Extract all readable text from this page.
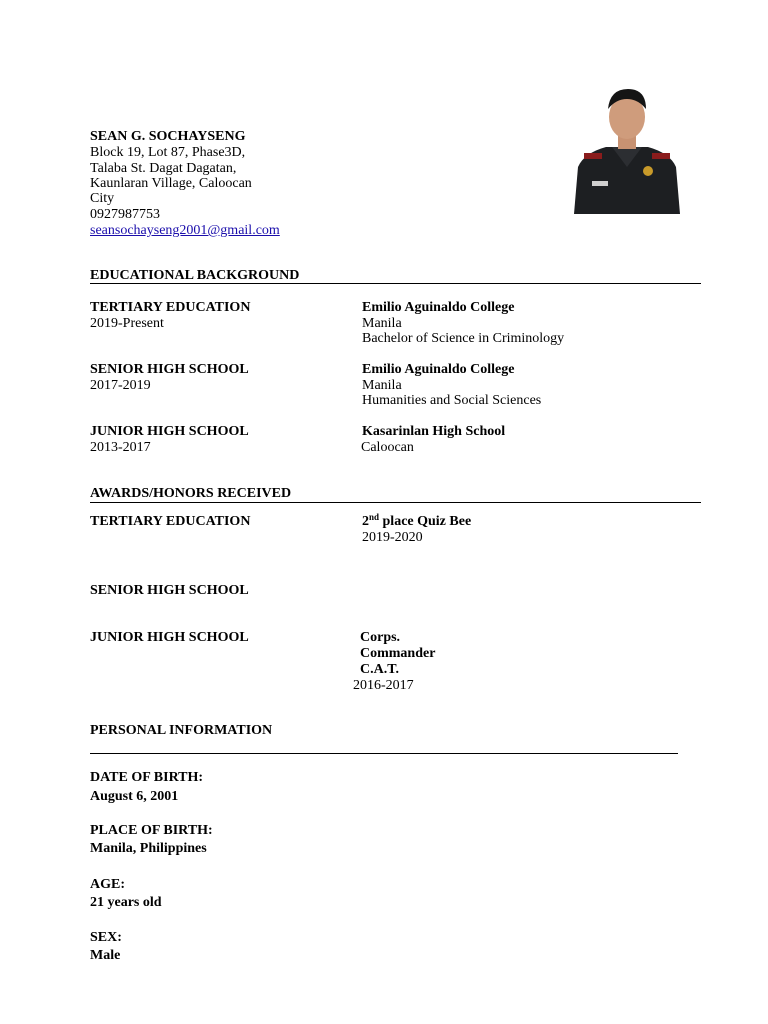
SEAN G. SOCHAYSENG
Block 19, Lot 87, Phase3D,
Talaba St. Dagat Dagatan,
Kaunlaran Village, Caloocan
City
0927987753
seansochayseng2001@gmail.com
EDUCATIONAL BACKGROUND
TERTIARY EDUCATION
2019-Present
Emilio Aguinaldo College
Manila
Bachelor of Science in Criminology
SENIOR HIGH SCHOOL
2017-2019
Emilio Aguinaldo College
Manila
Humanities and Social Sciences
JUNIOR HIGH SCHOOL
2013-2017
Kasarinlan High School
Caloocan
AWARDS/HONORS RECEIVED
TERTIARY EDUCATION	2nd place Quiz Bee
2019-2020
SENIOR HIGH SCHOOL
JUNIOR HIGH SCHOOL	Corps.
Commander
C.A.T.
2016-2017
PERSONAL INFORMATION
DATE OF BIRTH:
August 6, 2001
PLACE OF BIRTH:
Manila, Philippines
AGE:
21 years old
SEX:
Male
